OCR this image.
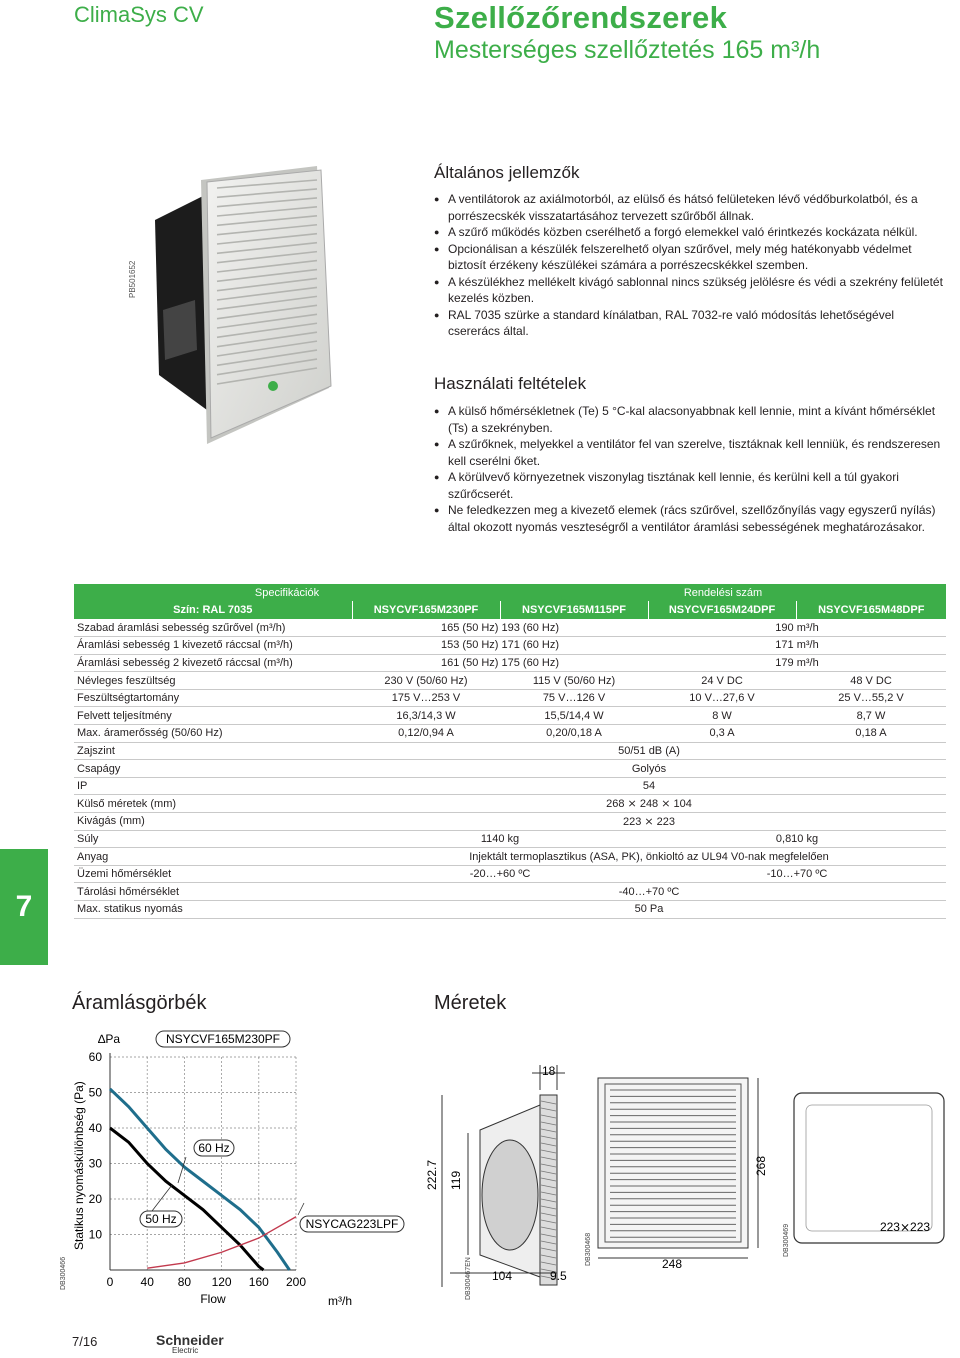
ClimaSys CV	Szellőzőrendszerek
Mesterséges szellőztetés 165 m³/h
PB501652
Általános jellemzők
● A ventilátorok az axiálmotorból, az elülső és hátsó felületeken lévő védőburkolatból, és a porrészecskék visszatartásához tervezett szűrőből állnak.
● A szűrő működés közben cserélhető a forgó elemekkel való érintkezés kockázata nélkül.
● Opcionálisan a készülék felszerelhető olyan szűrővel, mely még hatékonyabb védelmet biztosít érzékeny készülékei számára a porrészecskékkel szemben.
● A készülékhez mellékelt kivágó sablonnal nincs szükség jelölésre és védi a szekrény felületét kezelés közben.
● RAL 7035 szürke a standard kínálatban, RAL 7032-re való módosítás lehetőségével csererács által.
Használati feltételek
● A külső hőmérsékletnek (Te) 5 °C-kal alacsonyabbnak kell lennie, mint a kívánt hőmérséklet (Ts) a szekrényben.
● A szűrőknek, melyekkel a ventilátor fel van szerelve, tisztáknak kell lenniük, és rendszeresen kell cserélni őket.
● A körülvevő környezetnek viszonylag tisztának kell lennie, és kerülni kell a túl gyakori szűrőcserét.
● Ne feledkezzen meg a kivezető elemek (rács szűrővel, szellőzőnyílás vagy egyszerű nyílás) által okozott nyomás veszteségről a ventilátor áramlási sebességének meghatározásakor.
Specifikációk		Rendelési szám		
Szín: RAL 7035	NSYCVF165M230PF	NSYCVF165M115PF	NSYCVF165M24DPF	NSYCVF165M48DPF
Szabad áramlási sebesség szűrővel (m³/h)	165 (50 Hz) 193 (60 Hz)		190 m³/h	
Áramlási sebesség 1 kivezető ráccsal (m³/h)	153 (50 Hz) 171 (60 Hz)		171 m³/h	
Áramlási sebesség 2 kivezető ráccsal (m³/h)	161 (50 Hz) 175 (60 Hz)		179 m³/h	
Névleges feszültség	230 V (50/60 Hz)	115 V (50/60 Hz)	24 V DC	48 V DC
Feszültségtartomány	175 V…253 V	75 V…126 V	10 V…27,6 V	25 V…55,2 V
Felvett teljesítmény	16,3/14,3 W	15,5/14,4 W	8 W	8,7 W
Max. áramerősség (50/60 Hz)	0,12/0,94 A	0,20/0,18 A	0,3 A	0,18 A
Zajszint	50/51 dB (A)			
Csapágy	Golyós			
IP	54			
Külső méretek (mm)	268 ⨯ 248 ⨯ 104			
Kivágás (mm)	223 ⨯ 223			
Súly	1140 kg		0,810 kg	
Anyag	Injektált termoplasztikus (ASA, PK), önkioltó az UL94 V0-nak megfelelően			
Üzemi hőmérséklet	-20…+60 ºC		-10…+70 ºC	
Tárolási hőmérséklet	-40…+70 ºC			
Max. statikus nyomás	50 Pa			
7
Áramlásgörbék
DB300466
Statikus nyomáskülönbség (Pa)
∆Pa	NSYCVF165M230PF
10
20
30
40
50
60
0 40 80 120 160 200
60 Hz
50 Hz	NSYCAG223LPF
Flow	m³/h
Méretek
222.7 119
18
104	9.5
DB300467EN	248
268
DB300468
223⨯223
DB300469
7/16	Schneider
Electric
